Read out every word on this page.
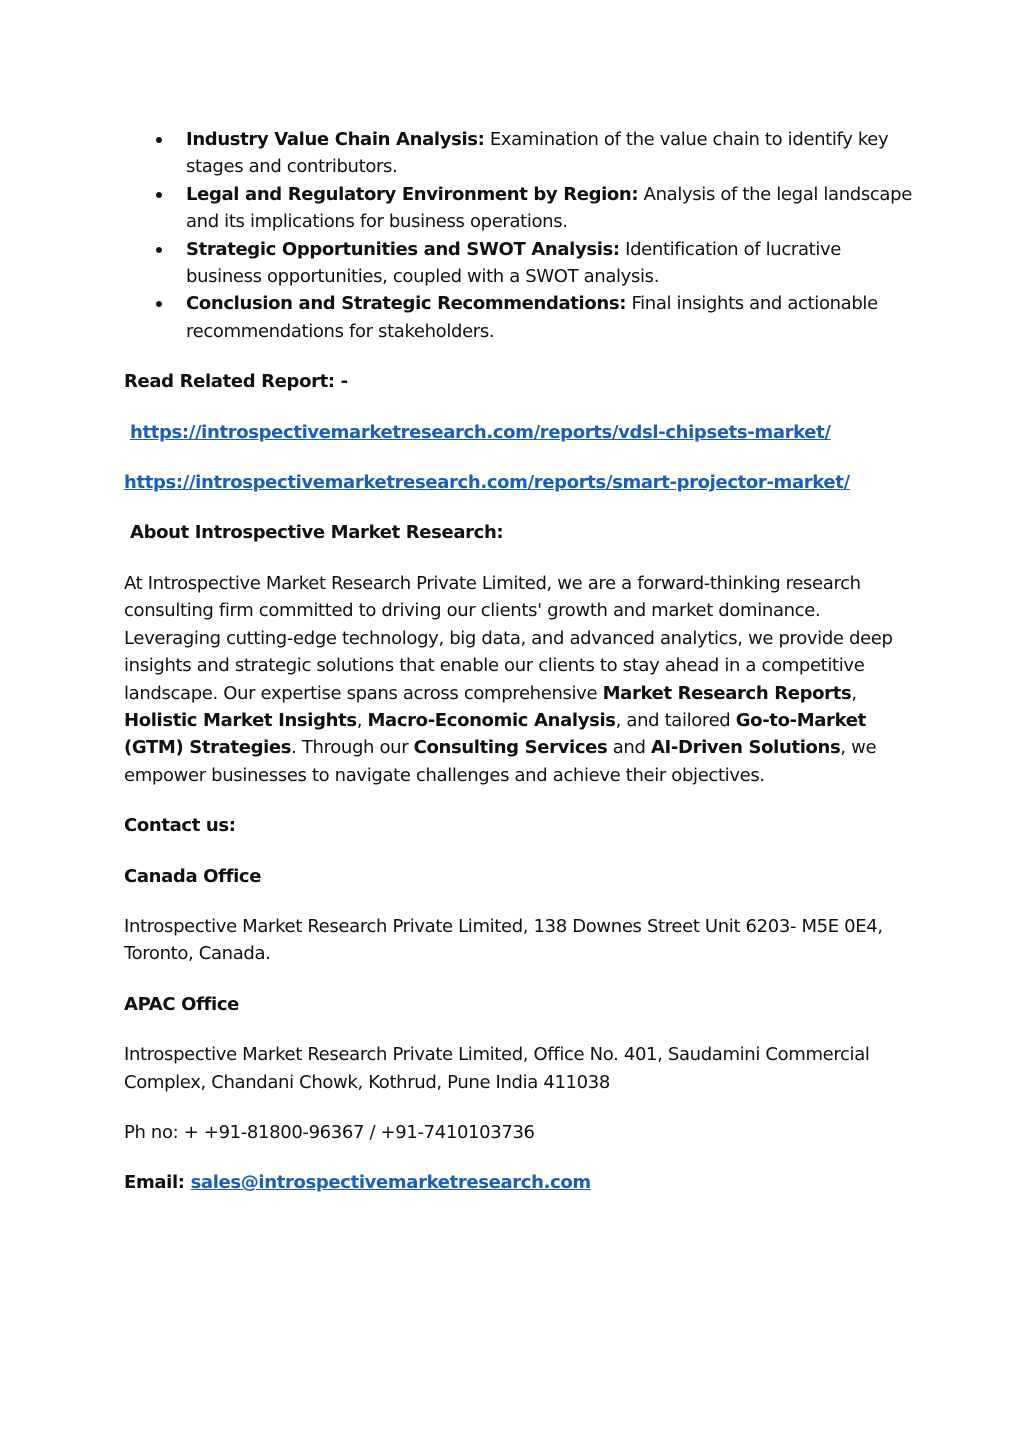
Industry Value Chain Analysis: Examination of the value chain to identify key stages and contributors.
Legal and Regulatory Environment by Region: Analysis of the legal landscape and its implications for business operations.
Strategic Opportunities and SWOT Analysis: Identification of lucrative business opportunities, coupled with a SWOT analysis.
Conclusion and Strategic Recommendations: Final insights and actionable recommendations for stakeholders.

Read Related Report: -

https://introspectivemarketresearch.com/reports/vdsl-chipsets-market/

https://introspectivemarketresearch.com/reports/smart-projector-market/

About Introspective Market Research:

At Introspective Market Research Private Limited, we are a forward-thinking research consulting firm committed to driving our clients' growth and market dominance. Leveraging cutting-edge technology, big data, and advanced analytics, we provide deep insights and strategic solutions that enable our clients to stay ahead in a competitive landscape. Our expertise spans across comprehensive Market Research Reports, Holistic Market Insights, Macro-Economic Analysis, and tailored Go-to-Market (GTM) Strategies. Through our Consulting Services and AI-Driven Solutions, we empower businesses to navigate challenges and achieve their objectives.

Contact us:

Canada Office

Introspective Market Research Private Limited, 138 Downes Street Unit 6203- M5E 0E4, Toronto, Canada.

APAC Office

Introspective Market Research Private Limited, Office No. 401, Saudamini Commercial Complex, Chandani Chowk, Kothrud, Pune India 411038

Ph no: + +91-81800-96367 / +91-7410103736

Email: sales@introspectivemarketresearch.com
